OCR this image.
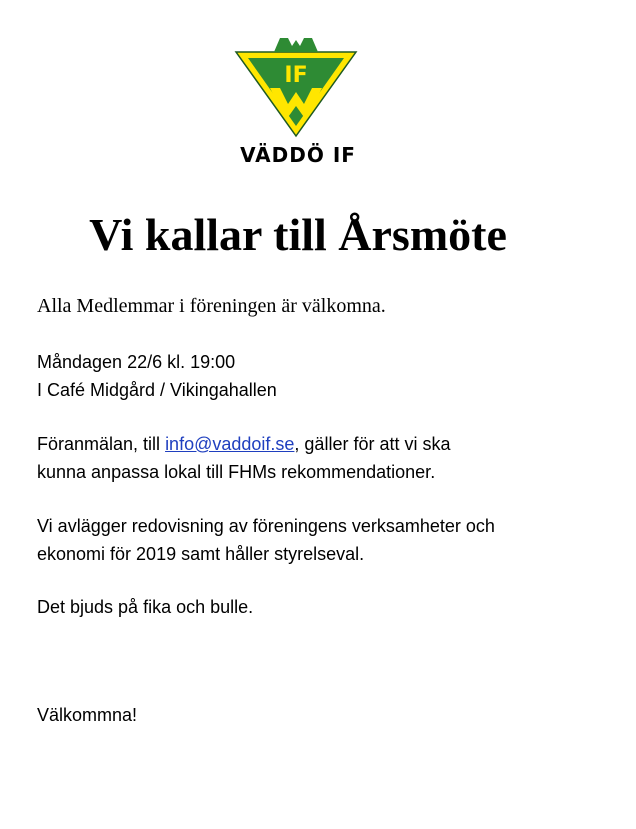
IF
VÄDDÖ IF
Vi kallar till Årsmöte
Alla Medlemmar i föreningen är välkomna.
Måndagen 22/6 kl. 19:00
I Café Midgård / Vikingahallen
Föranmälan, till info@vaddoif.se, gäller för att vi ska
kunna anpassa lokal till FHMs rekommendationer.
Vi avlägger redovisning av föreningens verksamheter och
ekonomi för 2019 samt håller styrelseval.
Det bjuds på fika och bulle.
Välkommna!
